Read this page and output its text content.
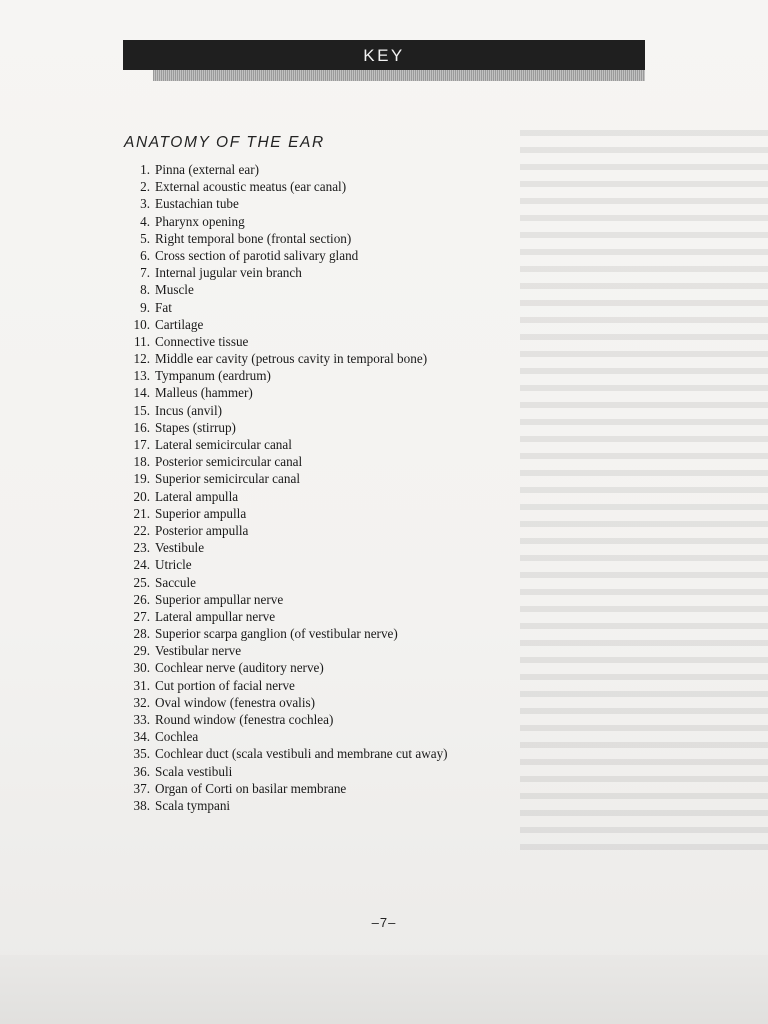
KEY
ANATOMY OF THE EAR
1. Pinna (external ear)
2. External acoustic meatus (ear canal)
3. Eustachian tube
4. Pharynx opening
5. Right temporal bone (frontal section)
6. Cross section of parotid salivary gland
7. Internal jugular vein branch
8. Muscle
9. Fat
10. Cartilage
11. Connective tissue
12. Middle ear cavity (petrous cavity in temporal bone)
13. Tympanum (eardrum)
14. Malleus (hammer)
15. Incus (anvil)
16. Stapes (stirrup)
17. Lateral semicircular canal
18. Posterior semicircular canal
19. Superior semicircular canal
20. Lateral ampulla
21. Superior ampulla
22. Posterior ampulla
23. Vestibule
24. Utricle
25. Saccule
26. Superior ampullar nerve
27. Lateral ampullar nerve
28. Superior scarpa ganglion (of vestibular nerve)
29. Vestibular nerve
30. Cochlear nerve (auditory nerve)
31. Cut portion of facial nerve
32. Oval window (fenestra ovalis)
33. Round window (fenestra cochlea)
34. Cochlea
35. Cochlear duct (scala vestibuli and membrane cut away)
36. Scala vestibuli
37. Organ of Corti on basilar membrane
38. Scala tympani
–7–
